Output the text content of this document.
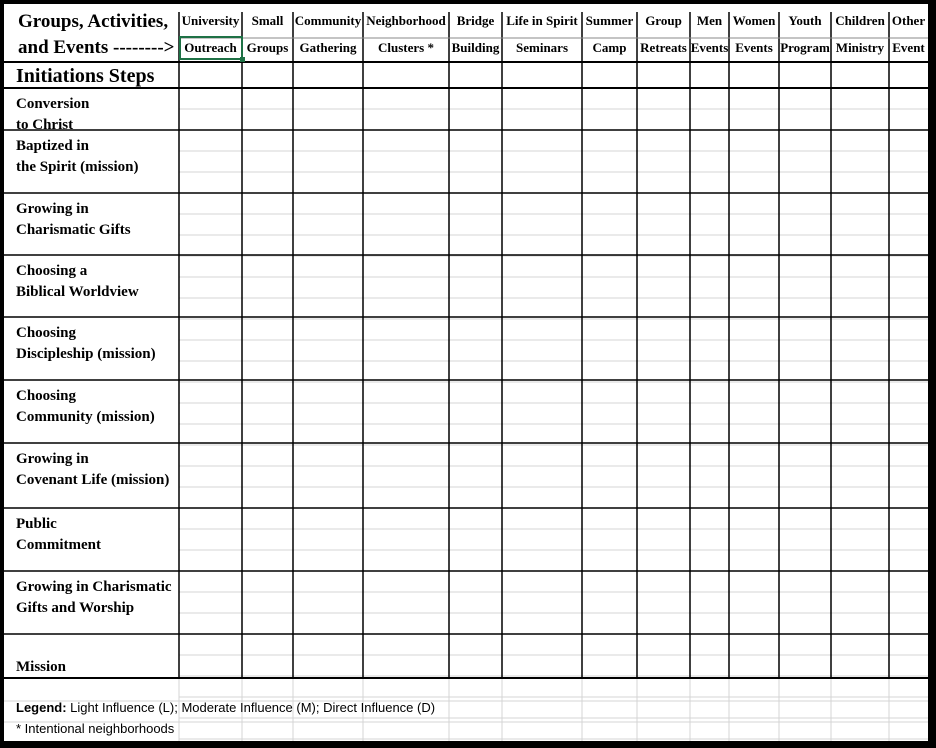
Groups, Activities,
and Events -------->
University
Outreach
Small
Groups
Community
Gathering
Neighborhood
Clusters *
Bridge
Building
Life in Spirit
Seminars
Summer
Camp
Group
Retreats
Men
Events
Women
Events
Youth
Program
Children
Ministry
Other
Event
Initiations Steps
Conversion
to Christ
Baptized in
the Spirit (mission)
Growing in
Charismatic Gifts
Choosing a
Biblical Worldview
Choosing
Discipleship (mission)
Choosing
Community (mission)
Growing in
Covenant Life (mission)
Public
Commitment
Growing in Charismatic
Gifts and Worship
Mission
Legend: Light Influence (L); Moderate Influence (M); Direct Influence (D)
* Intentional neighborhoods
